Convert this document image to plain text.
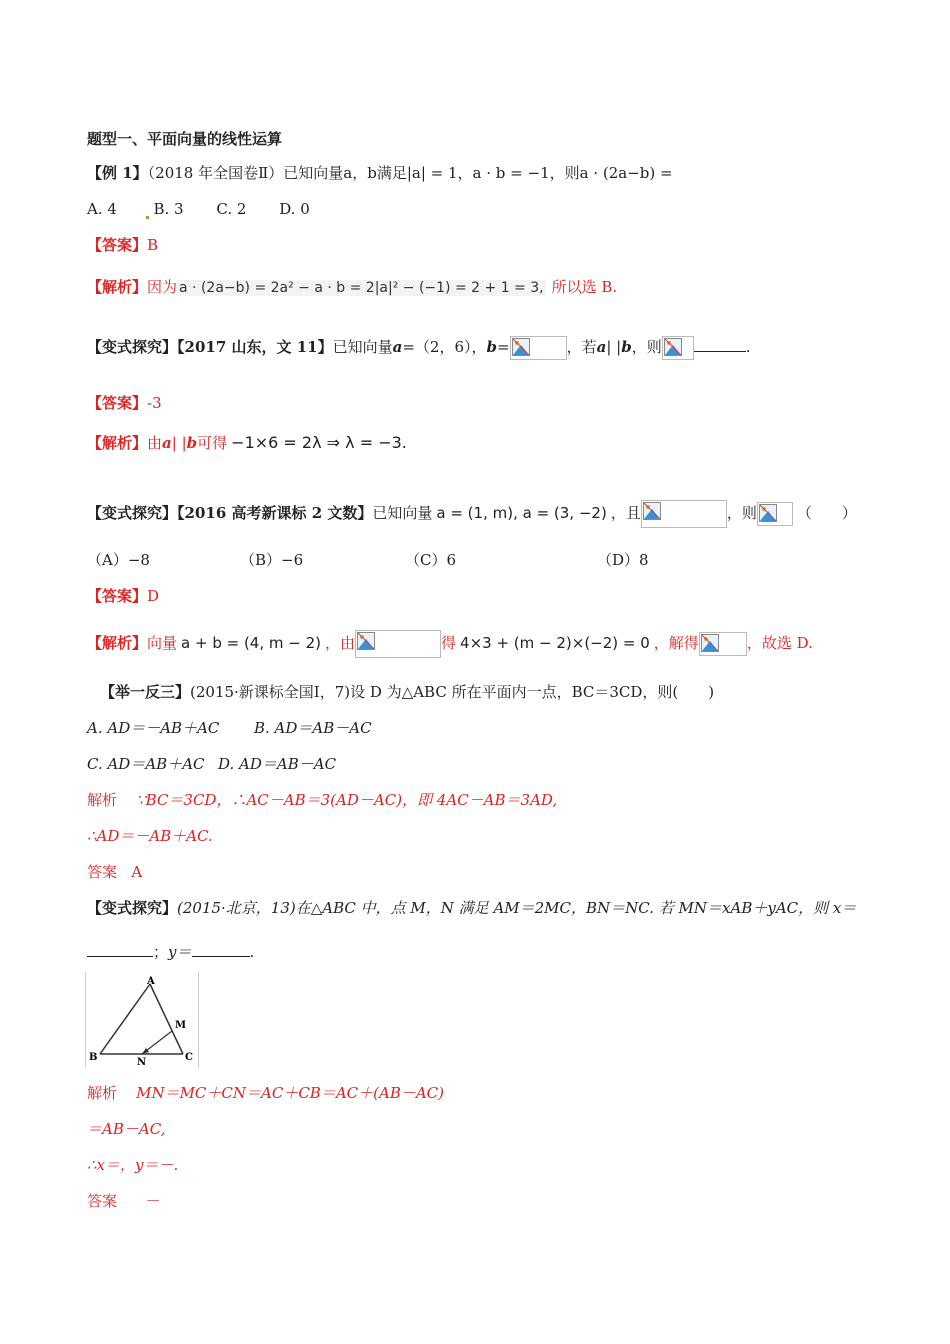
题型一、平面向量的线性运算
【例 1】（2018 年全国卷Ⅱ）已知向量a，b满足|a| = 1，a · b = −1，则a · (2a−b) =
A. 4 B. 3 C. 2 D. 0
【答案】B
【解析】因为 a · (2a−b) = 2a² − a · b = 2|a|² − (−1) = 2 + 1 = 3, 所以选 B.
【变式探究】【2017 山东，文 11】已知向量a=（2，6），b=	，若a| |b，则	.
【答案】-3
【解析】由a| |b可得 −1×6 = 2λ ⇒ λ = −3.
【变式探究】【2016 高考新课标 2 文数】已知向量 a = (1, m), a = (3, −2) ，且	，则	（　　）
（A）−8	（B）−6	（C）6	（D）8
【答案】D
【解析】向量 a + b = (4, m − 2) ，由	得 4×3 + (m − 2)×(−2) = 0 ，解得	，故选 D.
【举一反三】(2015·新课标全国Ⅰ，7)设 D 为△ABC 所在平面内一点，BC＝3CD，则(　　)
A. AD＝－AB＋AC B. AD＝AB－AC
C. AD＝AB＋AC D. AD＝AB－AC
解析 ∵BC＝3CD，∴AC－AB＝3(AD－AC)，即 4AC－AB＝3AD,
∴AD＝－AB＋AC.
答案 A
【变式探究】(2015·北京，13)在△ABC 中，点 M，N 满足 AM＝2MC，BN＝NC. 若 MN＝xAB＋yAC，则 x＝
；y＝	.
A
B	C
M
N
解析 MN＝MC＋CN＝AC＋CB＝AC＋(AB－AC)
＝AB－AC,
∴x＝，y＝－.
答案 －
